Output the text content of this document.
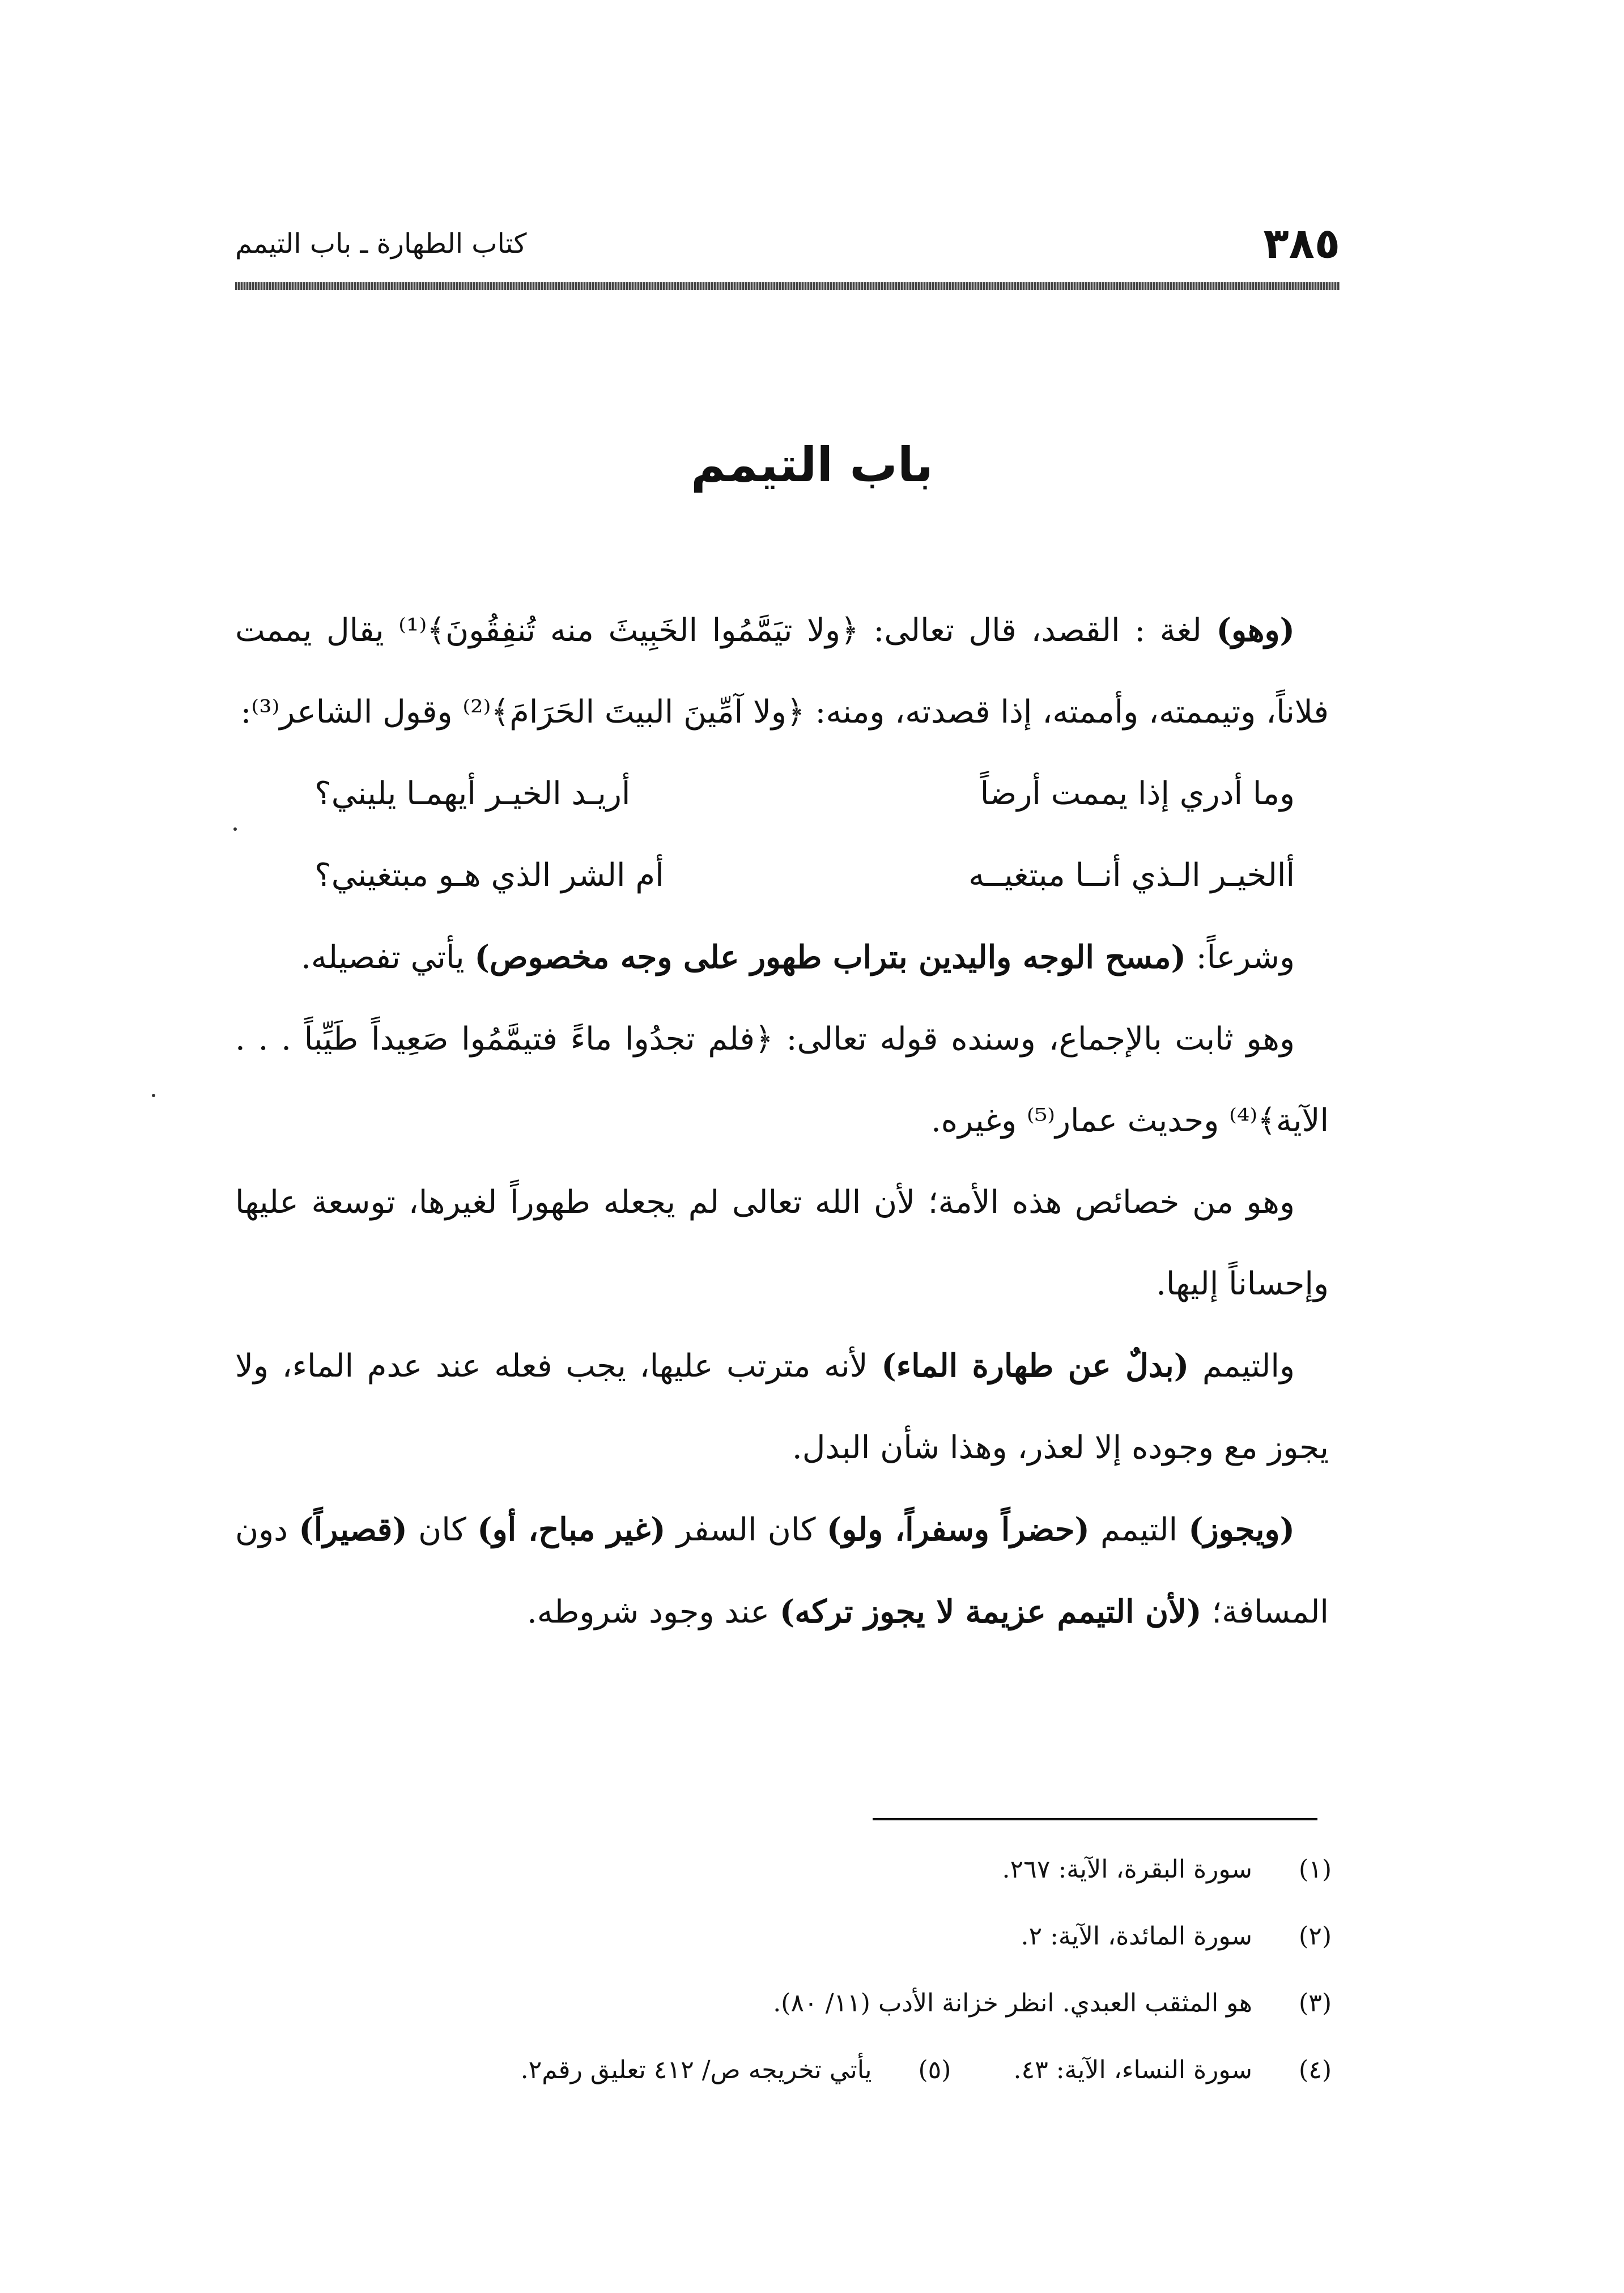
٣٨٥
كتاب الطهارة ـ باب التيمم
باب التيمم

(وهو) لغة : القصد، قال تعالى: ﴿ولا تيَمَّمُوا الخَبِيثَ منه تُنفِقُونَ﴾⁽¹⁾ يقال يممت فلاناً، وتيممته، وأممته، إذا قصدته، ومنه: ﴿ولا آمِّينَ البيتَ الحَرَامَ﴾⁽²⁾ وقول الشاعر⁽³⁾:

وما أدري إذا يممت أرضاً
أريـد الخيـر أيهمـا يليني؟
أالخيـر الـذي أنــا مبتغيــه
أم الشر الذي هـو مبتغيني؟

وشرعاً: (مسح الوجه واليدين بتراب طهور على وجه مخصوص) يأتي تفصيله.

وهو ثابت بالإجماع، وسنده قوله تعالى: ﴿فلم تجدُوا ماءً فتيمَّمُوا صَعِيداً طَيِّباً . . . الآية﴾⁽⁴⁾ وحديث عمار⁽⁵⁾ وغيره.

وهو من خصائص هذه الأمة؛ لأن الله تعالى لم يجعله طهوراً لغيرها، توسعة عليها وإحساناً إليها.

والتيمم (بدلٌ عن طهارة الماء) لأنه مترتب عليها، يجب فعله عند عدم الماء، ولا يجوز مع وجوده إلا لعذر، وهذا شأن البدل.

(ويجوز) التيمم (حضراً وسفراً، ولو) كان السفر (غير مباح، أو) كان (قصيراً) دون المسافة؛ (لأن التيمم عزيمة لا يجوز تركه) عند وجود شروطه.

(١)
سورة البقرة، الآية: ٢٦٧.
(٢)
سورة المائدة، الآية: ٢.
(٣)
هو المثقب العبدي. انظر خزانة الأدب (١١/ ٨٠).
(٤)
سورة النساء، الآية: ٤٣.
(٥)
يأتي تخريجه ص/ ٤١٢ تعليق رقم٢.
